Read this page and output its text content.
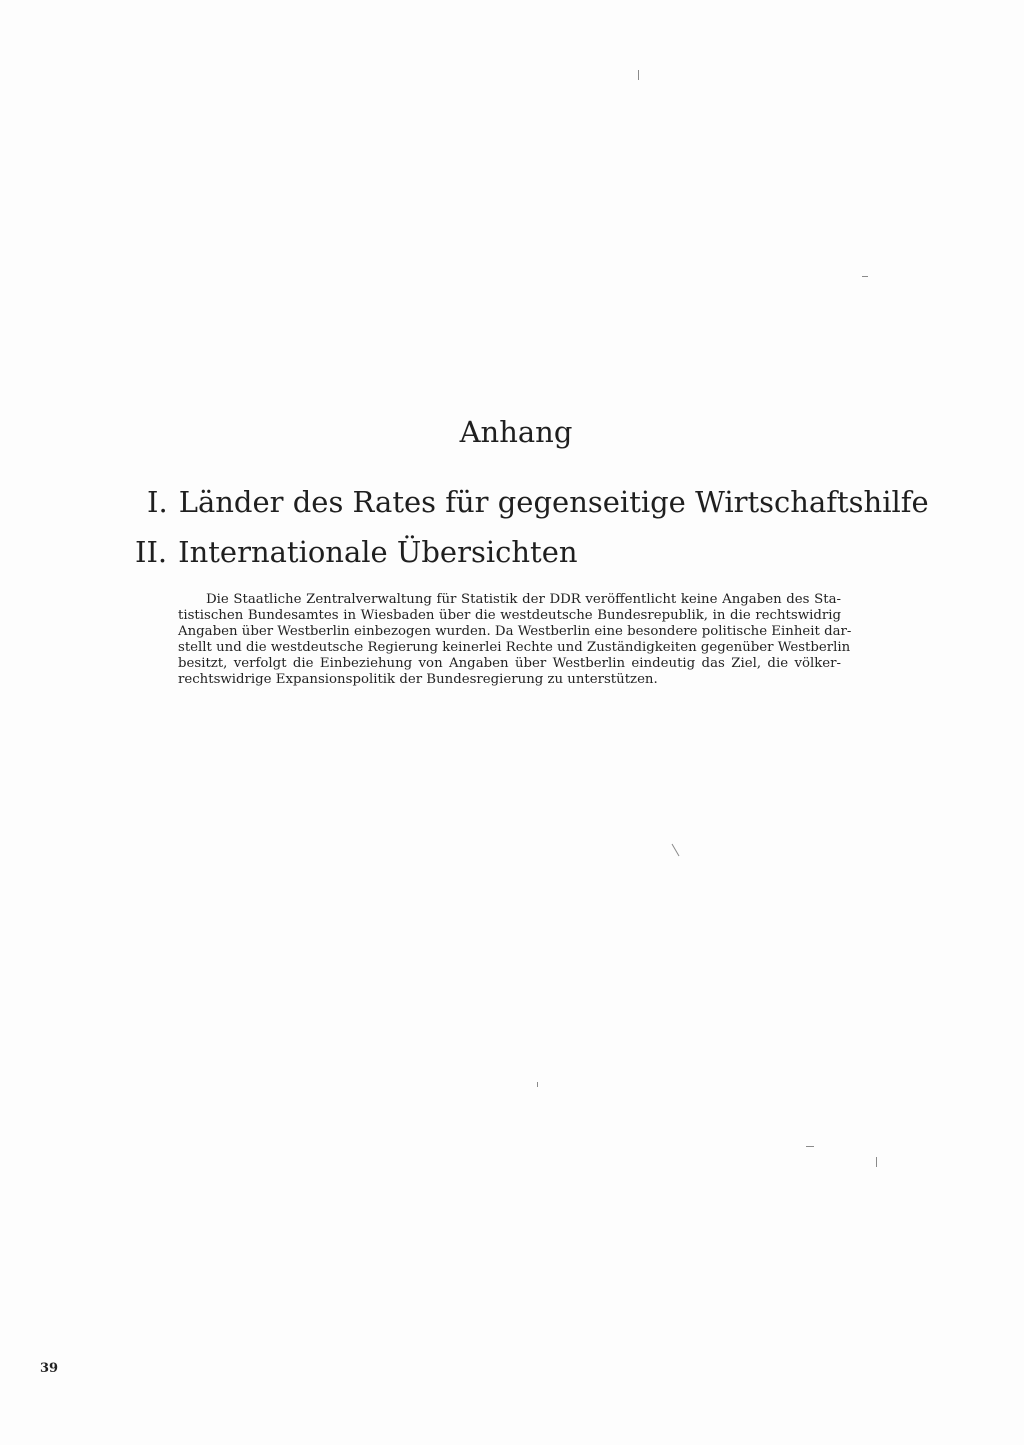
Anhang
I. Länder des Rates für gegenseitige Wirtschaftshilfe
II. Internationale Übersichten
Die Staatliche Zentralverwaltung für Statistik der DDR veröffentlicht keine Angaben des Sta-
tistischen Bundesamtes in Wiesbaden über die westdeutsche Bundesrepublik, in die rechtswidrig
Angaben über Westberlin einbezogen wurden. Da Westberlin eine besondere politische Einheit dar-
stellt und die westdeutsche Regierung keinerlei Rechte und Zuständigkeiten gegenüber Westberlin
besitzt, verfolgt die Einbeziehung von Angaben über Westberlin eindeutig das Ziel, die völker-
rechtswidrige Expansionspolitik der Bundesregierung zu unterstützen.
39
